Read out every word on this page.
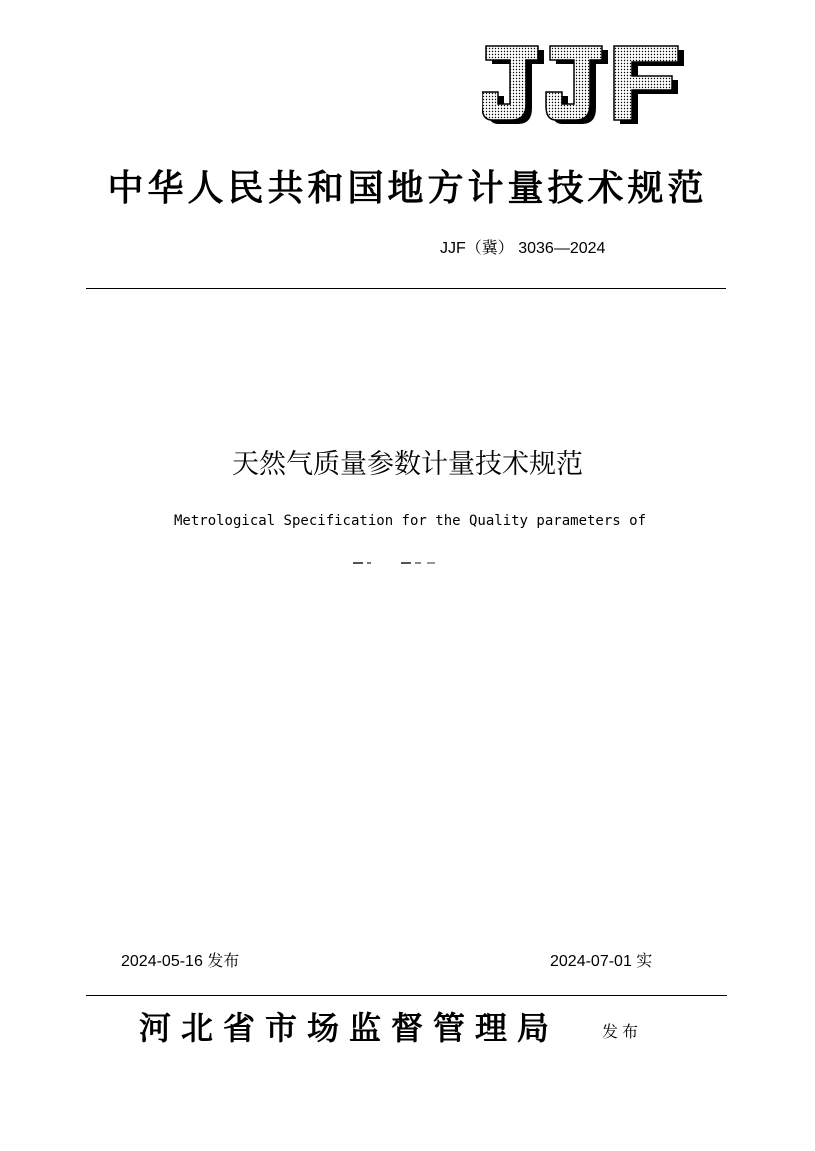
中华人民共和国地方计量技术规范
JJF（冀） 3036—2024
天然气质量参数计量技术规范
Metrological Specification for the Quality parameters of
2024-05-16 发布	2024-07-01 实
河北省市场监督管理局	发布
